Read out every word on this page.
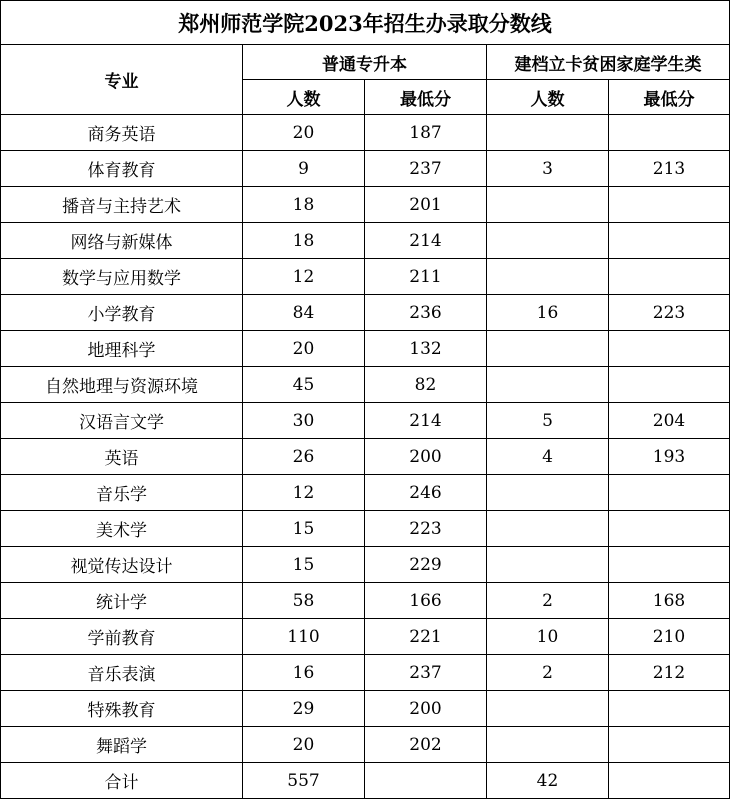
郑州师范学院2023年招生办录取分数线				
专业	普通专升本		建档立卡贫困家庭学生类	
	人数	最低分	人数	最低分
商务英语	20	187		
体育教育	9	237	3	213
播音与主持艺术	18	201		
网络与新媒体	18	214		
数学与应用数学	12	211		
小学教育	84	236	16	223
地理科学	20	132		
自然地理与资源环境	45	82		
汉语言文学	30	214	5	204
英语	26	200	4	193
音乐学	12	246		
美术学	15	223		
视觉传达设计	15	229		
统计学	58	166	2	168
学前教育	110	221	10	210
音乐表演	16	237	2	212
特殊教育	29	200		
舞蹈学	20	202		
合计	557		42	
